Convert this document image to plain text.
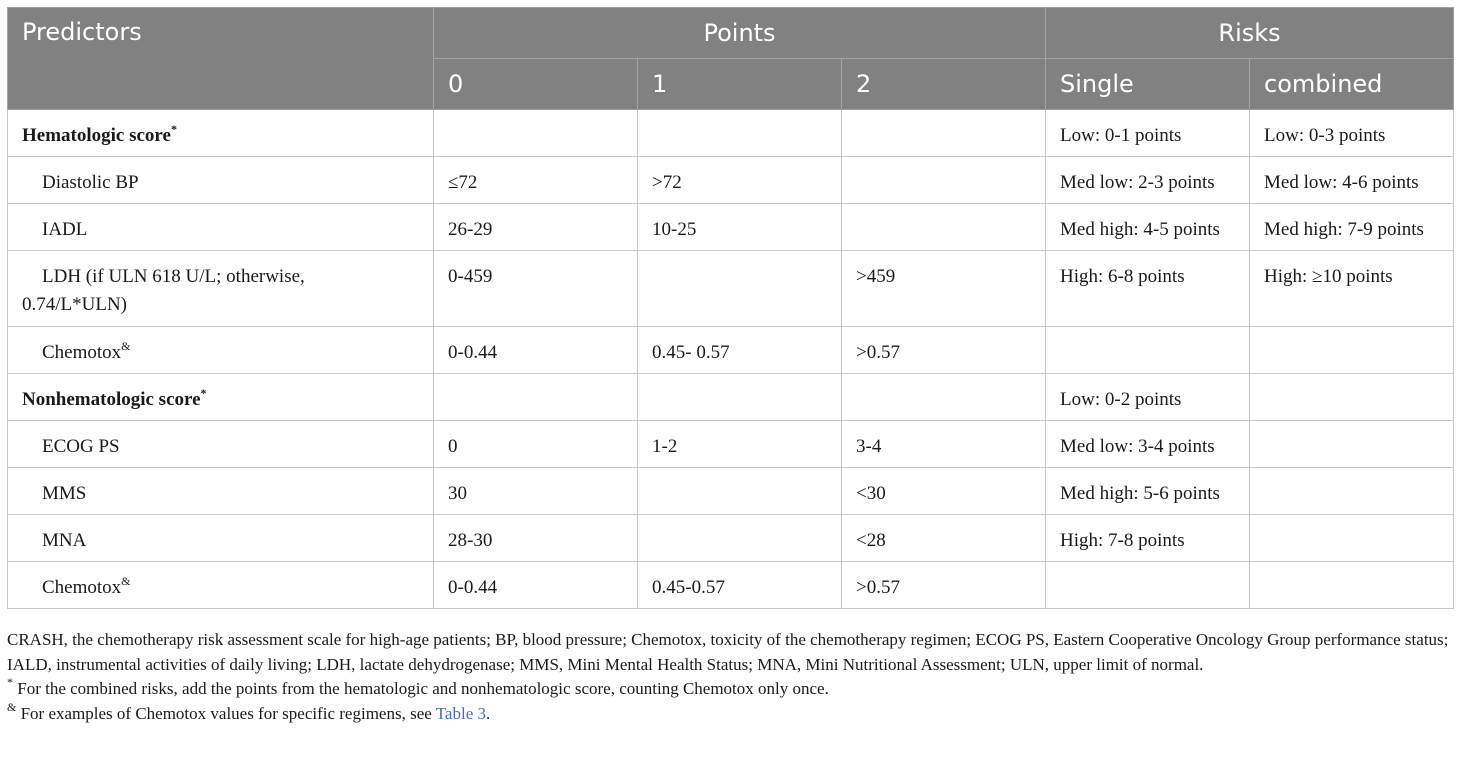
Predictors	Points			Risks	
	0	1	2	Single	combined
Hematologic score*				Low: 0-1 points	Low: 0-3 points
Diastolic BP	≤72	>72		Med low: 2-3 points	Med low: 4-6 points
IADL	26-29	10-25		Med high: 4-5 points	Med high: 7-9 points
LDH (if ULN 618 U/L; otherwise,
0.74/L*ULN)	0-459		>459	High: 6-8 points	High: ≥10 points
Chemotox&	0-0.44	0.45- 0.57	>0.57		
Nonhematologic score*				Low: 0-2 points	
ECOG PS	0	1-2	3-4	Med low: 3-4 points	
MMS	30		<30	Med high: 5-6 points	
MNA	28-30		<28	High: 7-8 points	
Chemotox&	0-0.44	0.45-0.57	>0.57		

CRASH, the chemotherapy risk assessment scale for high-age patients; BP, blood pressure; Chemotox, toxicity of the chemotherapy regimen; ECOG PS, Eastern Cooperative Oncology Group performance status; IALD, instrumental activities of daily living; LDH, lactate dehydrogenase; MMS, Mini Mental Health Status; MNA, Mini Nutritional Assessment; ULN, upper limit of normal.

* For the combined risks, add the points from the hematologic and nonhematologic score, counting Chemotox only once.

& For examples of Chemotox values for specific regimens, see Table 3.
